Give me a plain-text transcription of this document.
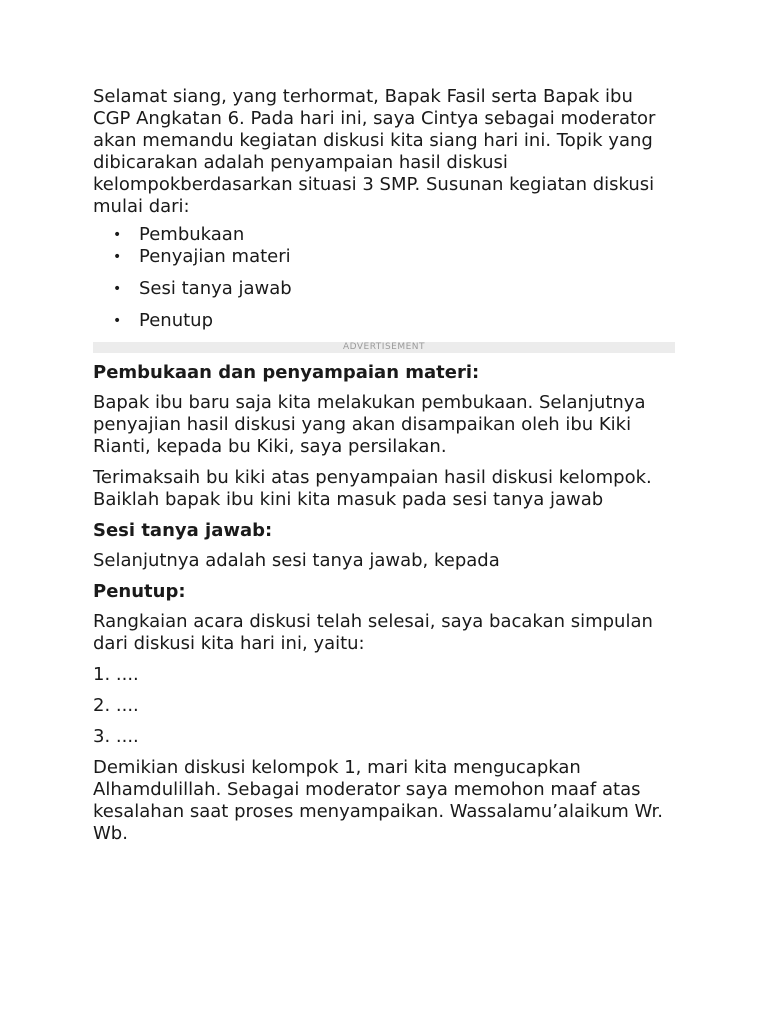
Selamat siang, yang terhormat, Bapak Fasil serta Bapak ibu CGP Angkatan 6. Pada hari ini, saya Cintya sebagai moderator akan memandu kegiatan diskusi kita siang hari ini. Topik yang dibicarakan adalah penyampaian hasil diskusi kelompokberdasarkan situasi 3 SMP. Susunan kegiatan diskusi mulai dari:

• Pembukaan
• Penyajian materi
• Sesi tanya jawab
• Penutup
ADVERTISEMENT

Pembukaan dan penyampaian materi:

Bapak ibu baru saja kita melakukan pembukaan. Selanjutnya penyajian hasil diskusi yang akan disampaikan oleh ibu Kiki Rianti, kepada bu Kiki, saya persilakan.

Terimaksaih bu kiki atas penyampaian hasil diskusi kelompok. Baiklah bapak ibu kini kita masuk pada sesi tanya jawab

Sesi tanya jawab:

Selanjutnya adalah sesi tanya jawab, kepada

Penutup:

Rangkaian acara diskusi telah selesai, saya bacakan simpulan dari diskusi kita hari ini, yaitu:

1. ....

2. ....

3. ....

Demikian diskusi kelompok 1, mari kita mengucapkan Alhamdulillah. Sebagai moderator saya memohon maaf atas kesalahan saat proses menyampaikan. Wassalamu’alaikum Wr. Wb.
